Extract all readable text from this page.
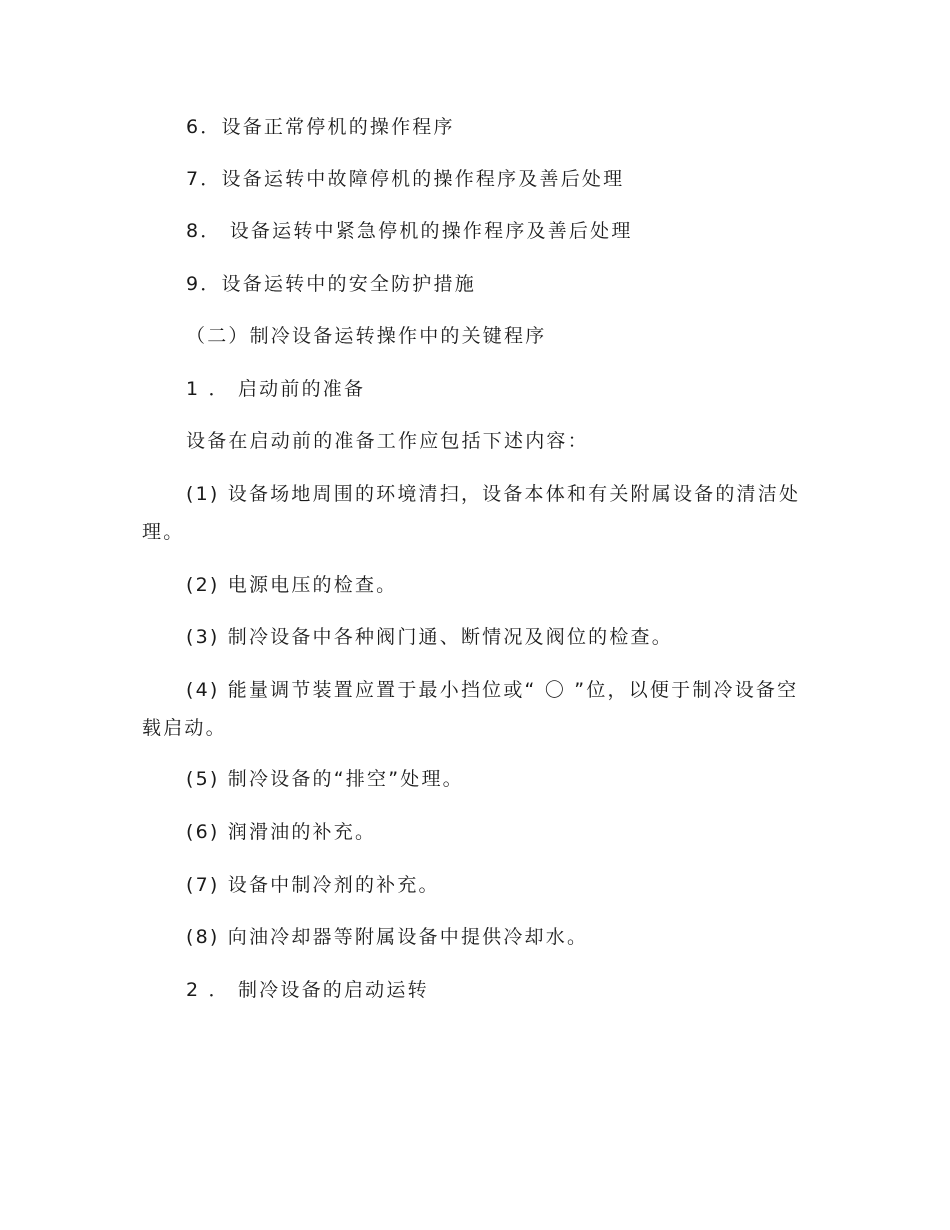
6．设备正常停机的操作程序
7．设备运转中故障停机的操作程序及善后处理
8． 设备运转中紧急停机的操作程序及善后处理
9．设备运转中的安全防护措施
（二）制冷设备运转操作中的关键程序
1 ． 启动前的准备
设备在启动前的准备工作应包括下述内容：
(1) 设备场地周围的环境清扫，设备本体和有关附属设备的清洁处理。
(2) 电源电压的检查。
(3) 制冷设备中各种阀门通、断情况及阀位的检查。
(4) 能量调节装置应置于最小挡位或“ 〇 ”位，以便于制冷设备空载启动。
(5) 制冷设备的“排空”处理。
(6) 润滑油的补充。
(7) 设备中制冷剂的补充。
(8) 向油冷却器等附属设备中提供冷却水。
2 ． 制冷设备的启动运转
